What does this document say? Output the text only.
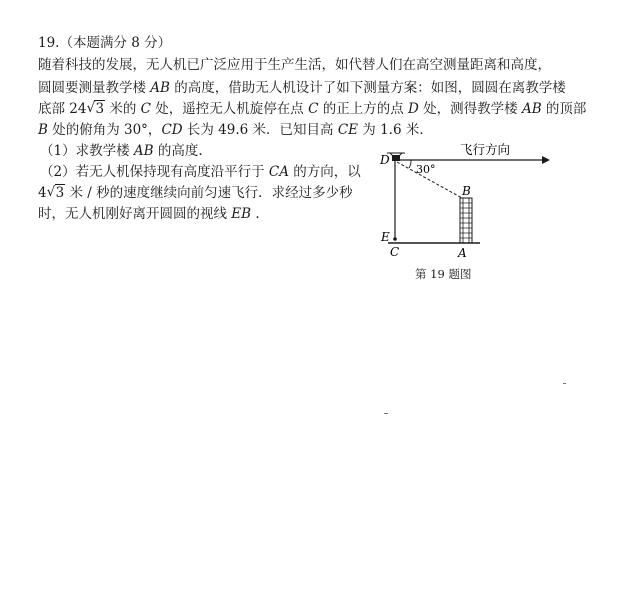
19.（本题满分 8 分）
随着科技的发展，无人机已广泛应用于生产生活，如代替人们在高空测量距离和高度，
圆圆要测量教学楼 AB 的高度，借助无人机设计了如下测量方案：如图，圆圆在离教学楼
底部 24 √ 3 米的 C 处，遥控无人机旋停在点 C 的正上方的点 D 处，测得教学楼 AB 的顶部
B 处的俯角为 30°，CD 长为 49.6 米．已知目高 CE 为 1.6 米．
（1）求教学楼 AB 的高度.
（2）若无人机保持现有高度沿平行于 CA 的方向，以
4 √ 3 米 / 秒的速度继续向前匀速飞行．求经过多少秒
时，无人机刚好离开圆圆的视线 EB .
飞行方向
30°
D
B
E
C	A
第 19 题图
